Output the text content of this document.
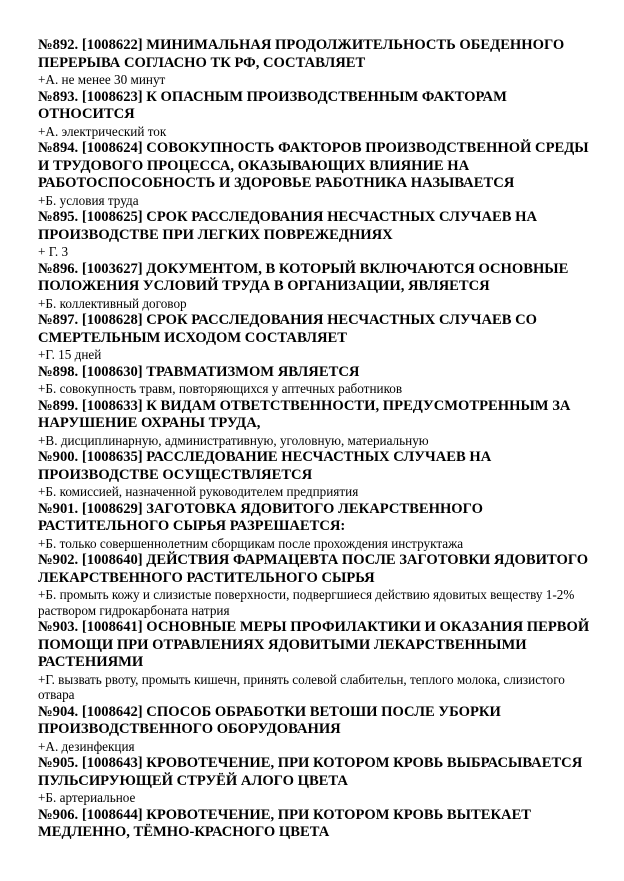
№892. [1008622] МИНИМАЛЬНАЯ ПРОДОЛЖИТЕЛЬНОСТЬ ОБЕДЕННОГО ПЕРЕРЫВА СОГЛАСНО ТК РФ, СОСТАВЛЯЕТ

+А. не менее 30 минут

№893. [1008623] К ОПАСНЫМ ПРОИЗВОДСТВЕННЫМ ФАКТОРАМ ОТНОСИТСЯ

+А. электрический ток

№894. [1008624] СОВОКУПНОСТЬ ФАКТОРОВ ПРОИЗВОДСТВЕННОЙ СРЕДЫ И ТРУДОВОГО ПРОЦЕССА, ОКАЗЫВАЮЩИХ ВЛИЯНИЕ НА РАБОТОСПОСОБНОСТЬ И ЗДОРОВЬЕ РАБОТНИКА НАЗЫВАЕТСЯ

+Б. условия труда

№895. [1008625] СРОК РАССЛЕДОВАНИЯ НЕСЧАСТНЫХ СЛУЧАЕВ НА ПРОИЗВОДСТВЕ ПРИ ЛЕГКИХ ПОВРЕЖЕДНИЯХ

+ Г. 3

№896. [1003627] ДОКУМЕНТОМ, В КОТОРЫЙ ВКЛЮЧАЮТСЯ ОСНОВНЫЕ ПОЛОЖЕНИЯ УСЛОВИЙ ТРУДА В ОРГАНИЗАЦИИ, ЯВЛЯЕТСЯ

+Б. коллективный договор

№897. [1008628] СРОК РАССЛЕДОВАНИЯ НЕСЧАСТНЫХ СЛУЧАЕВ СО СМЕРТЕЛЬНЫМ ИСХОДОМ СОСТАВЛЯЕТ

+Г. 15 дней

№898. [1008630] ТРАВМАТИЗМОМ ЯВЛЯЕТСЯ

+Б. совокупность травм, повторяющихся у аптечных работников

№899. [1008633] К ВИДАМ ОТВЕТСТВЕННОСТИ, ПРЕДУСМОТРЕННЫМ ЗА НАРУШЕНИЕ ОХРАНЫ ТРУДА,

+В. дисциплинарную, административную, уголовную, материальную

№900. [1008635] РАССЛЕДОВАНИЕ НЕСЧАСТНЫХ СЛУЧАЕВ НА ПРОИЗВОДСТВЕ ОСУЩЕСТВЛЯЕТСЯ

+Б. комиссией, назначенной руководителем предприятия

№901. [1008629] ЗАГОТОВКА ЯДОВИТОГО ЛЕКАРСТВЕННОГО РАСТИТЕЛЬНОГО СЫРЬЯ РАЗРЕШАЕТСЯ:

+Б. только совершеннолетним сборщикам после прохождения инструктажа

№902. [1008640] ДЕЙСТВИЯ ФАРМАЦЕВТА ПОСЛЕ ЗАГОТОВКИ ЯДОВИТОГО ЛЕКАРСТВЕННОГО РАСТИТЕЛЬНОГО СЫРЬЯ

+Б. промыть кожу и слизистые поверхности, подвергшиеся действию ядовитых веществу 1-2% раствором гидрокарбоната натрия

№903. [1008641] ОСНОВНЫЕ МЕРЫ ПРОФИЛАКТИКИ И ОКАЗАНИЯ ПЕРВОЙ ПОМОЩИ ПРИ ОТРАВЛЕНИЯХ ЯДОВИТЫМИ ЛЕКАРСТВЕННЫМИ РАСТЕНИЯМИ

+Г. вызвать рвоту, промыть кишечн, принять солевой слабительн, теплого молока, слизистого отвара

№904. [1008642] СПОСОБ ОБРАБОТКИ ВЕТОШИ ПОСЛЕ УБОРКИ ПРОИЗВОДСТВЕННОГО ОБОРУДОВАНИЯ

+А. дезинфекция

№905. [1008643] КРОВОТЕЧЕНИЕ, ПРИ КОТОРОМ КРОВЬ ВЫБРАСЫВАЕТСЯ ПУЛЬСИРУЮЩЕЙ СТРУЁЙ АЛОГО ЦВЕТА

+Б. артериальное

№906. [1008644] КРОВОТЕЧЕНИЕ, ПРИ КОТОРОМ КРОВЬ ВЫТЕКАЕТ МЕДЛЕННО, ТЁМНО-КРАСНОГО ЦВЕТА
